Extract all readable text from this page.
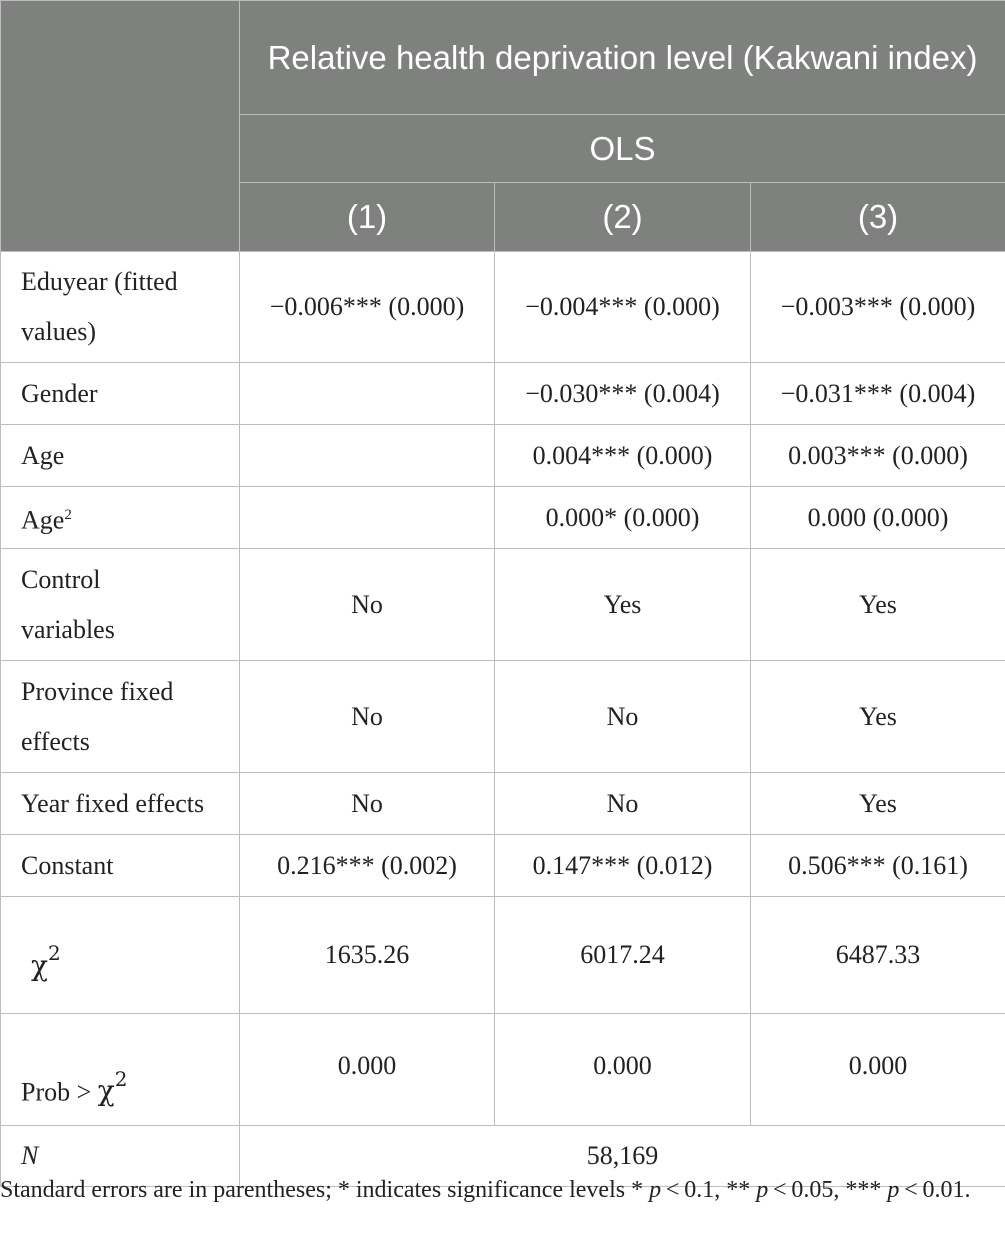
	Relative health deprivation level (Kakwani index)		
	OLS		
	(1)	(2)	(3)
Eduyear (fitted values)	−0.006*** (0.000)	−0.004*** (0.000)	−0.003*** (0.000)
Gender		−0.030*** (0.004)	−0.031*** (0.004)
Age		0.004*** (0.000)	0.003*** (0.000)
Age$^2$		0.000* (0.000)	0.000 (0.000)
Control variables	No	Yes	Yes
Province fixed effects	No	No	Yes
Year fixed effects	No	No	Yes
Constant	0.216*** (0.002)	0.147*** (0.012)	0.506*** (0.161)
$\chi^2$	1635.26	6017.24	6487.33
Prob > $\chi^2$	0.000	0.000	0.000
N	58,169		
Standard errors are in parentheses; * indicates significance levels * p < 0.1, ** p < 0.05, *** p < 0.01.
